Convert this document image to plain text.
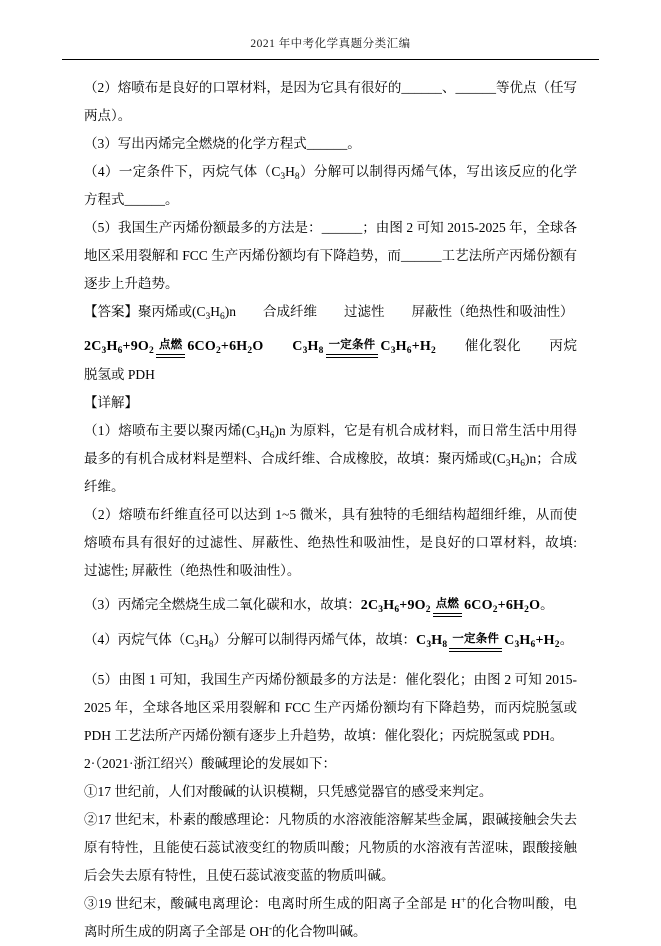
2021 年中考化学真题分类汇编

（2）熔喷布是良好的口罩材料，是因为它具有很好的______、______等优点（任写两点）。

（3）写出丙烯完全燃烧的化学方程式______。

（4）一定条件下，丙烷气体$(C_3H_8)$分解可以制得丙烯气体，写出该反应的化学方程式______。

（5）我国生产丙烯份额最多的方法是：______；由图 2 可知 2015-2025 年，全球各地区采用裂解和 FCC 生产丙烯份额均有下降趋势，而______工艺法所产丙烯份额有逐步上升趋势。

【答案】聚丙烯或$(C_3H_6)n$　　合成纤维　　过滤性　　屏蔽性（绝热性和吸油性）

$2C_3H_6+9O_2$ 点燃 $6CO_2+6H_2O$　　 $C_3H_8$ 一定条件 $C_3H_6+H_2$　　催化裂化　　丙烷脱氢或 PDH

【详解】

（1）熔喷布主要以聚丙烯$(C_3H_6)n$ 为原料，它是有机合成材料，而日常生活中用得最多的有机合成材料是塑料、合成纤维、合成橡胶，故填：聚丙烯或$(C_3H_6)n$；合成纤维。

（2）熔喷布纤维直径可以达到 1~5 微米，具有独特的毛细结构超细纤维，从而使熔喷布具有很好的过滤性、屏蔽性、绝热性和吸油性，是良好的口罩材料，故填: 过滤性; 屏蔽性（绝热性和吸油性）。

（3）丙烯完全燃烧生成二氧化碳和水，故填：$2C_3H_6+9O_2$ 点燃 $6CO_2+6H_2O$。

（4）丙烷气体$(C_3H_8)$分解可以制得丙烯气体，故填：$C_3H_8$ 一定条件 $C_3H_6+H_2$。

（5）由图 1 可知，我国生产丙烯份额最多的方法是：催化裂化；由图 2 可知 2015-2025 年，全球各地区采用裂解和 FCC 生产丙烯份额均有下降趋势，而丙烷脱氢或 PDH 工艺法所产丙烯份额有逐步上升趋势，故填：催化裂化；丙烷脱氢或 PDH。

2·（2021·浙江绍兴）酸碱理论的发展如下：

①17 世纪前，人们对酸碱的认识模糊，只凭感觉器官的感受来判定。

②17 世纪末，朴素的酸感理论：凡物质的水溶液能溶解某些金属，跟碱接触会失去原有特性，且能使石蕊试液变红的物质叫酸；凡物质的水溶液有苦涩味，跟酸接触后会失去原有特性，且使石蕊试液变蓝的物质叫碱。

③19 世纪末，酸碱电离理论：电离时所生成的阳离子全部是 H+的化合物叫酸，电离时所生成的阴离子全部是 OH-的化合物叫碱。
